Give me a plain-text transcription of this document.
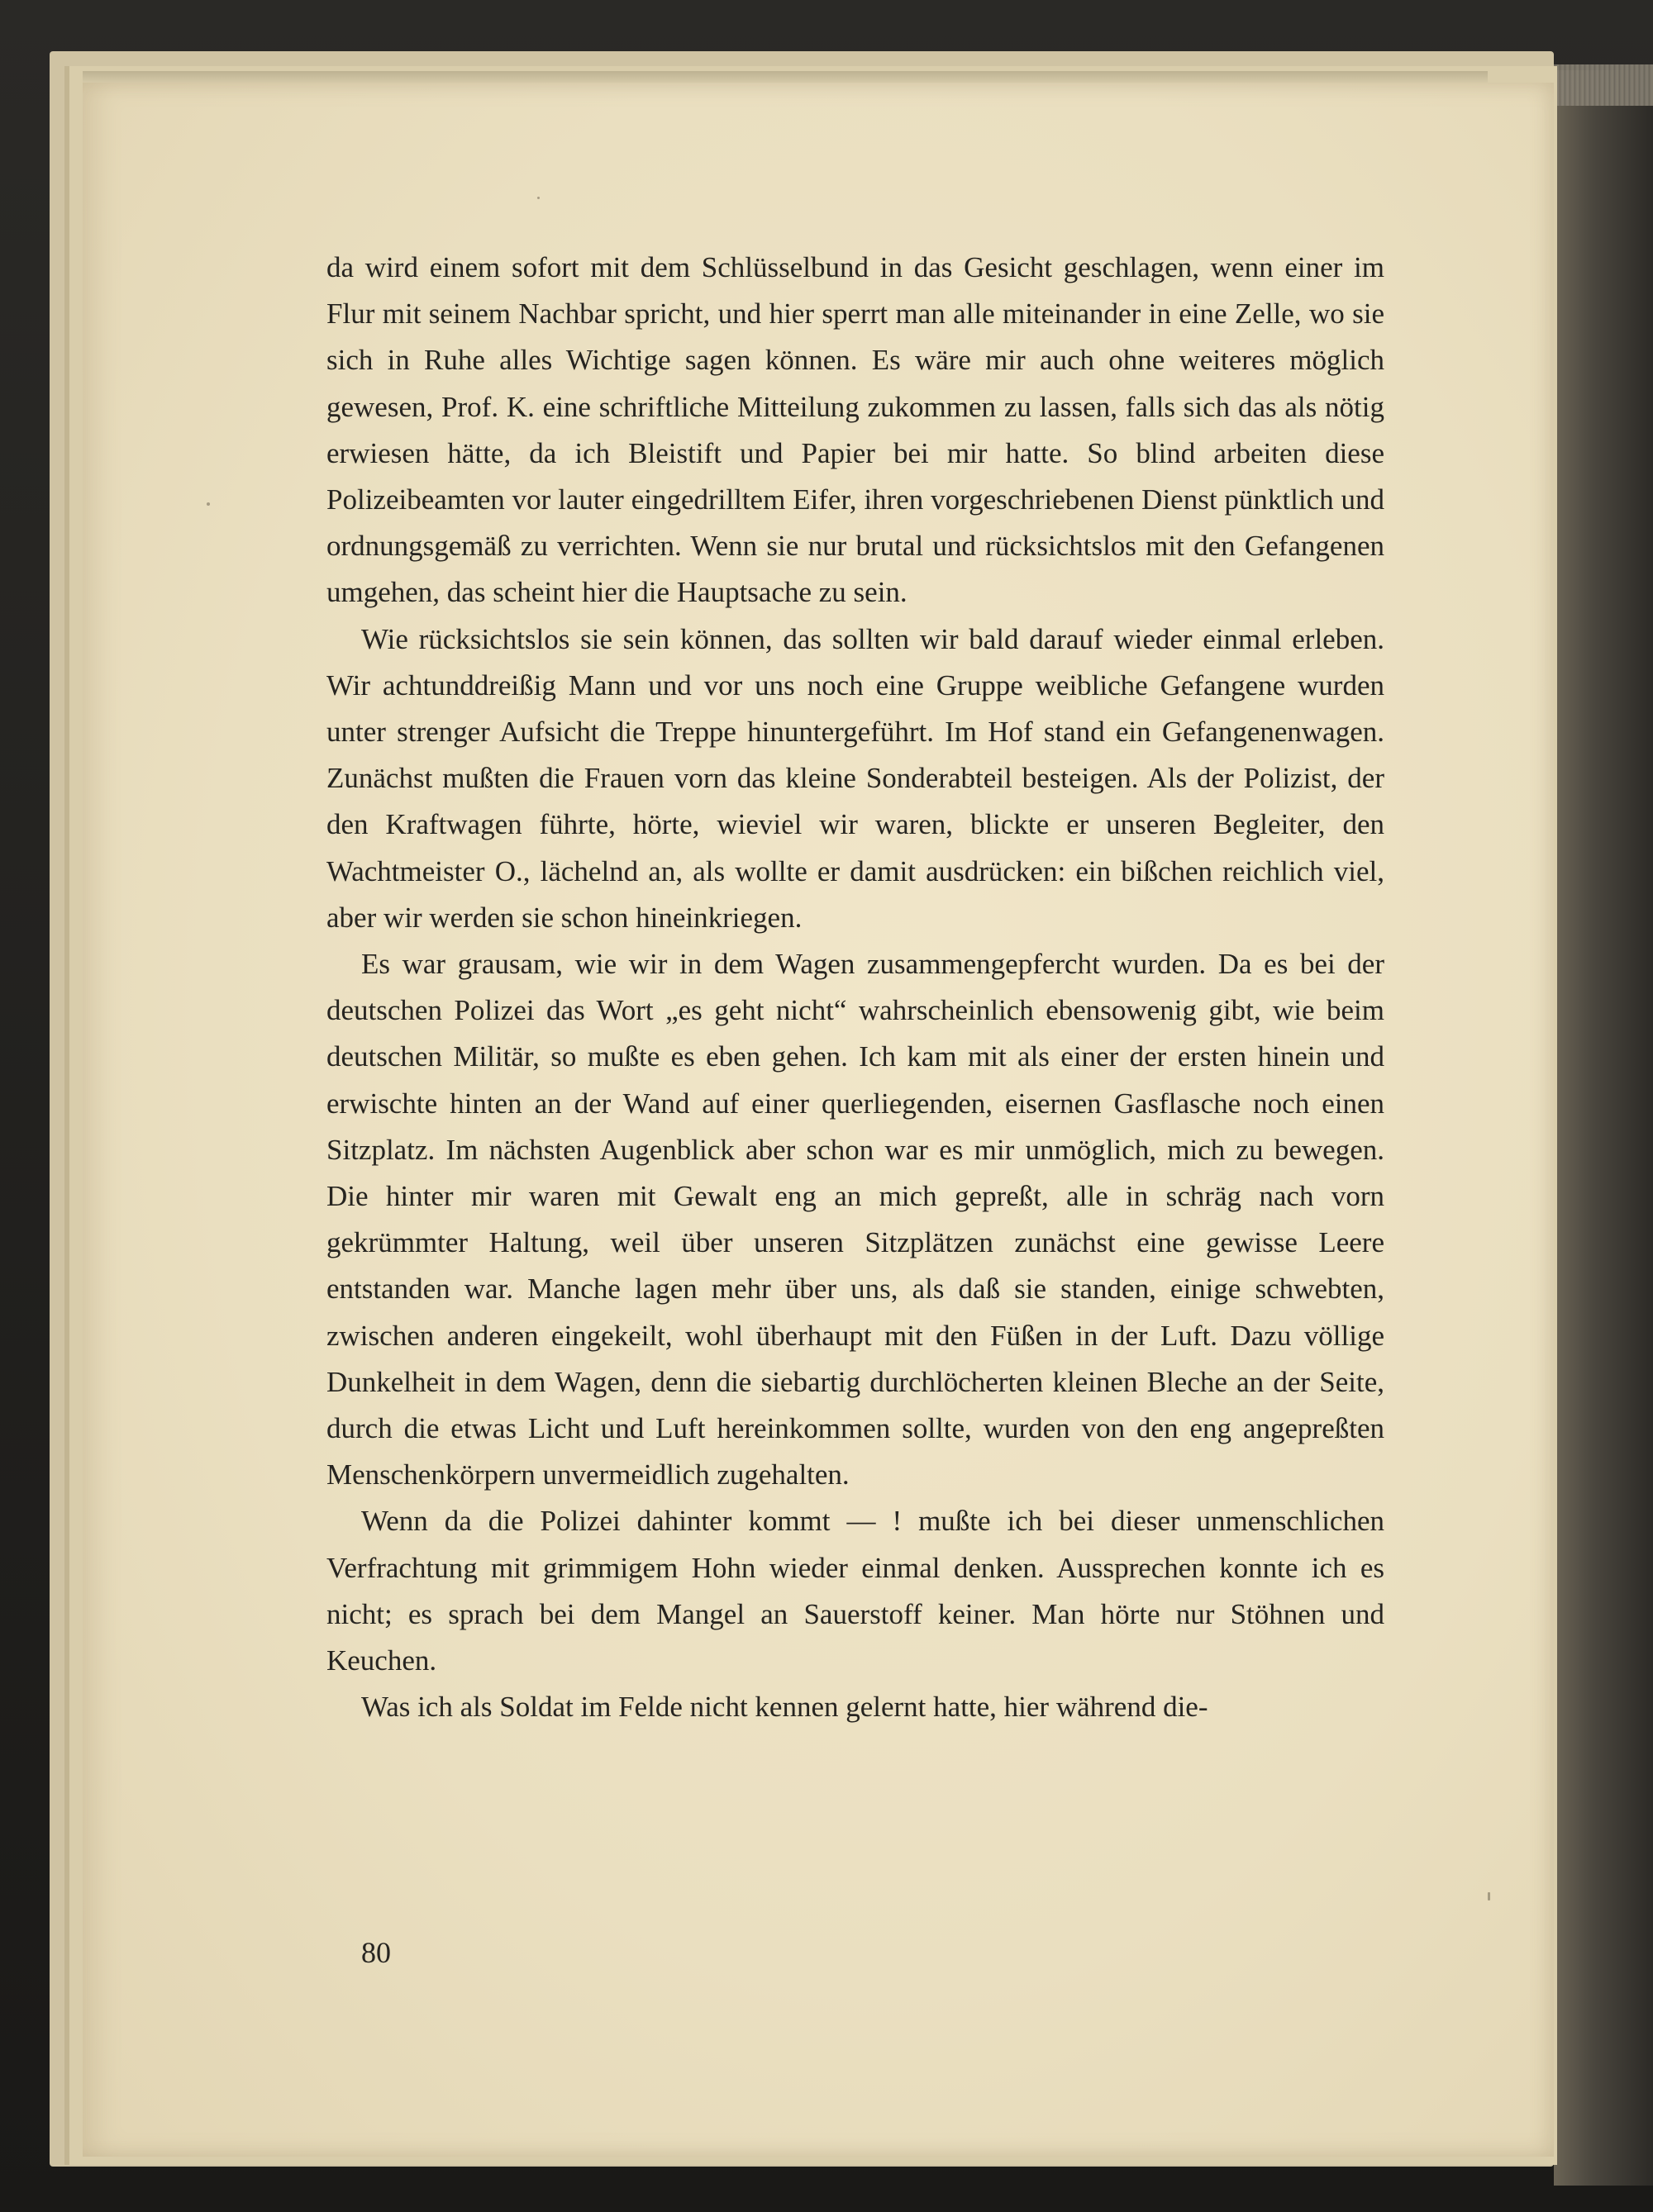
da wird einem sofort mit dem Schlüsselbund in das Gesicht geschlagen, wenn einer im Flur mit seinem Nachbar spricht, und hier sperrt man alle miteinander in eine Zelle, wo sie sich in Ruhe alles Wichtige sagen können. Es wäre mir auch ohne weiteres möglich gewesen, Prof. K. eine schriftliche Mitteilung zukommen zu lassen, falls sich das als nötig erwiesen hätte, da ich Bleistift und Papier bei mir hatte. So blind arbeiten diese Polizeibeamten vor lauter eingedrilltem Eifer, ihren vorgeschriebenen Dienst pünktlich und ordnungsgemäß zu verrichten. Wenn sie nur brutal und rücksichtslos mit den Gefangenen umgehen, das scheint hier die Hauptsache zu sein.

Wie rücksichtslos sie sein können, das sollten wir bald darauf wieder einmal erleben. Wir achtunddreißig Mann und vor uns noch eine Gruppe weibliche Gefangene wurden unter strenger Aufsicht die Treppe hinuntergeführt. Im Hof stand ein Gefangenenwagen. Zunächst mußten die Frauen vorn das kleine Sonderabteil besteigen. Als der Polizist, der den Kraftwagen führte, hörte, wieviel wir waren, blickte er unseren Begleiter, den Wachtmeister O., lächelnd an, als wollte er damit ausdrücken: ein bißchen reichlich viel, aber wir werden sie schon hineinkriegen.

Es war grausam, wie wir in dem Wagen zusammengepfercht wurden. Da es bei der deutschen Polizei das Wort „es geht nicht“ wahrscheinlich ebensowenig gibt, wie beim deutschen Militär, so mußte es eben gehen. Ich kam mit als einer der ersten hinein und erwischte hinten an der Wand auf einer querliegenden, eisernen Gasflasche noch einen Sitzplatz. Im nächsten Augenblick aber schon war es mir unmöglich, mich zu bewegen. Die hinter mir waren mit Gewalt eng an mich gepreßt, alle in schräg nach vorn gekrümmter Haltung, weil über unseren Sitzplätzen zunächst eine gewisse Leere entstanden war. Manche lagen mehr über uns, als daß sie standen, einige schwebten, zwischen anderen eingekeilt, wohl überhaupt mit den Füßen in der Luft. Dazu völlige Dunkelheit in dem Wagen, denn die siebartig durchlöcherten kleinen Bleche an der Seite, durch die etwas Licht und Luft hereinkommen sollte, wurden von den eng angepreßten Menschenkörpern unvermeidlich zugehalten.

Wenn da die Polizei dahinter kommt — ! mußte ich bei dieser unmenschlichen Verfrachtung mit grimmigem Hohn wieder einmal denken. Aussprechen konnte ich es nicht; es sprach bei dem Mangel an Sauerstoff keiner. Man hörte nur Stöhnen und Keuchen.

Was ich als Soldat im Felde nicht kennen gelernt hatte, hier während die-

80
